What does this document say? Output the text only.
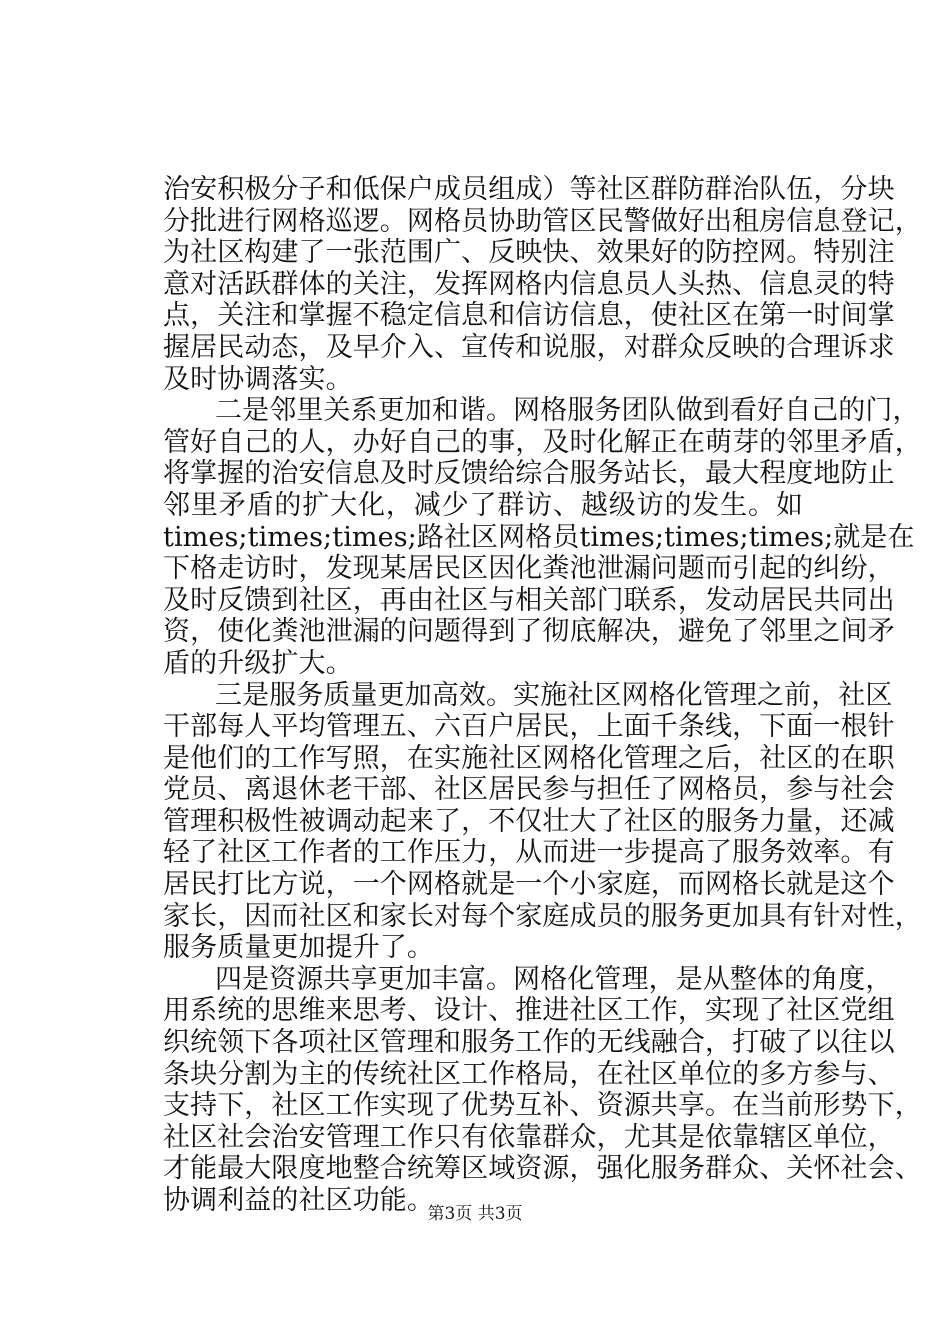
治安积极分子和低保户成员组成）等社区群防群治队伍，分块
分批进行网格巡逻。网格员协助管区民警做好出租房信息登记，
为社区构建了一张范围广、反映快、效果好的防控网。特别注
意对活跃群体的关注，发挥网格内信息员人头热、信息灵的特
点，关注和掌握不稳定信息和信访信息，使社区在第一时间掌
握居民动态，及早介入、宣传和说服，对群众反映的合理诉求
及时协调落实。
二是邻里关系更加和谐。网格服务团队做到看好自己的门，
管好自己的人，办好自己的事，及时化解正在萌芽的邻里矛盾，
将掌握的治安信息及时反馈给综合服务站长，最大程度地防止
邻里矛盾的扩大化，减少了群访、越级访的发生。如
times;times;times;路社区网格员times;times;times;就是在
下格走访时，发现某居民区因化粪池泄漏问题而引起的纠纷，
及时反馈到社区，再由社区与相关部门联系，发动居民共同出
资，使化粪池泄漏的问题得到了彻底解决，避免了邻里之间矛
盾的升级扩大。
三是服务质量更加高效。实施社区网格化管理之前，社区
干部每人平均管理五、六百户居民，上面千条线，下面一根针
是他们的工作写照，在实施社区网格化管理之后，社区的在职
党员、离退休老干部、社区居民参与担任了网格员，参与社会
管理积极性被调动起来了，不仅壮大了社区的服务力量，还减
轻了社区工作者的工作压力，从而进一步提高了服务效率。有
居民打比方说，一个网格就是一个小家庭，而网格长就是这个
家长，因而社区和家长对每个家庭成员的服务更加具有针对性，
服务质量更加提升了。
四是资源共享更加丰富。网格化管理，是从整体的角度，
用系统的思维来思考、设计、推进社区工作，实现了社区党组
织统领下各项社区管理和服务工作的无线融合，打破了以往以
条块分割为主的传统社区工作格局，在社区单位的多方参与、
支持下，社区工作实现了优势互补、资源共享。在当前形势下，
社区社会治安管理工作只有依靠群众，尤其是依靠辖区单位，
才能最大限度地整合统筹区域资源，强化服务群众、关怀社会、
协调利益的社区功能。
第3页 共3页
